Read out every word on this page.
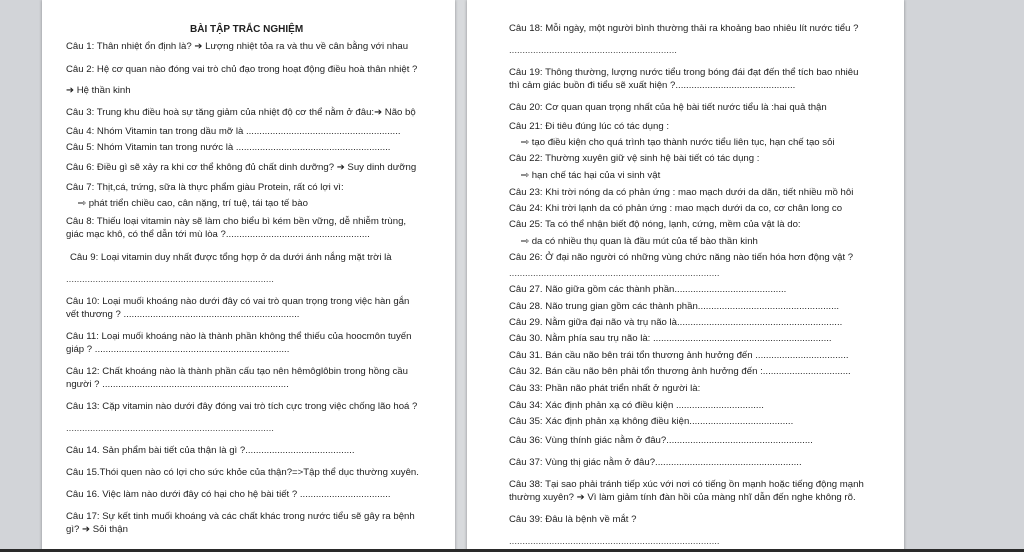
BÀI TẬP TRẮC NGHIỆM
Câu 1: Thân nhiệt ổn định là? ➔ Lượng nhiệt tỏa ra và thu về cân bằng với nhau
Câu 2: Hệ cơ quan nào đóng vai trò chủ đạo trong hoạt động điều hoà thân nhiệt ?
➔ Hệ thần kinh
Câu 3: Trung khu điều hoà sự tăng giảm của nhiệt độ cơ thể nằm ở đâu:➔ Não bộ
Câu 4: Nhóm Vitamin tan trong dầu mỡ là ..........................................................
Câu 5: Nhóm Vitamin tan trong nước là ..........................................................
Câu 6: Điều gì sẽ xảy ra khi cơ thể không đủ chất dinh dưỡng? ➔ Suy dinh dưỡng
Câu 7: Thịt,cá, trứng, sữa là thực phẩm giàu Protein, rất có lợi vì:
⇨ phát triển chiều cao, cân nặng, trí tuệ, tái tạo tế bào
Câu 8: Thiếu loại vitamin này sẽ làm cho biểu bì kém bền vững, dễ nhiễm trùng,
giác mạc khô, có thể dẫn tới mù lòa ?......................................................
Câu 9: Loại vitamin duy nhất được tổng hợp ở da dưới ánh nắng mặt trời là
..............................................................................
Câu 10: Loại muối khoáng nào dưới đây có vai trò quan trọng trong việc hàn gắn
vết thương ? ..................................................................
Câu 11: Loại muối khoáng nào là thành phần không thể thiếu của hoocmôn tuyến
giáp ? .........................................................................
Câu 12: Chất khoáng nào là thành phần cấu tạo nên hêmôglôbin trong hồng cầu
người ? ......................................................................
Câu 13: Cặp vitamin nào dưới đây đóng vai trò tích cực trong việc chống lão hoá ?
..............................................................................
Câu 14. Sản phẩm bài tiết của thận là gì ?.........................................
Câu 15.Thói quen nào có lợi cho sức khỏe của thận?=>Tập thể dục thường xuyên.
Câu 16. Việc làm nào dưới đây có hại cho hệ bài tiết ? ..................................
Câu 17: Sự kết tinh muối khoáng và các chất khác trong nước tiểu sẽ gây ra bệnh
gì? ➔ Sỏi thận
Câu 18: Mỗi ngày, một người bình thường thải ra khoảng bao nhiêu lít nước tiểu ?
...............................................................
Câu 19: Thông thường, lượng nước tiểu trong bóng đái đạt đến thể tích bao nhiêu
thì cảm giác buồn đi tiểu sẽ xuất hiện ?.............................................
Câu 20: Cơ quan quan trọng nhất của hệ bài tiết nước tiểu là :hai quả thận
Câu 21: Đi tiêu đúng lúc có tác dụng :
⇨ tạo điều kiện cho quá trình tạo thành nước tiểu liên tục, hạn chế tạo sỏi
Câu 22: Thường xuyên giữ vệ sinh hệ bài tiết có tác dụng :
⇨ hạn chế tác hại của vi sinh vật
Câu 23: Khi trời nóng da có phản ứng : mao mạch dưới da dãn, tiết nhiều mồ hôi
Câu 24: Khi trời lạnh da có phản ứng : mao mạch dưới da co, cơ chân long co
Câu 25: Ta có thể nhận biết độ nóng, lạnh, cứng, mềm của vật là do:
⇨ da có nhiều thụ quan là đầu mút của tế bào thần kinh
Câu 26: Ở đại não người có những vùng chức năng nào tiến hóa hơn động vật ?
...............................................................................
Câu 27. Não giữa gồm các thành phần..........................................
Câu 28. Não trung gian gồm các thành phần.....................................................
Câu 29. Nằm giữa đại não và trụ não là..............................................................
Câu 30. Nằm phía sau trụ não là: ...................................................................
Câu 31. Bán cầu não bên trái tổn thương ảnh hưởng đến ...................................
Câu 32. Bán cầu não bên phải tổn thương ảnh hưởng đến :.................................
Câu 33: Phần não phát triển nhất ở người là:
Câu 34: Xác định phản xạ có điều kiện .................................
Câu 35: Xác định phản xạ không điều kiện.......................................
Câu 36: Vùng thính giác nằm ở đâu?.......................................................
Câu 37: Vùng thị giác nằm ở đâu?.......................................................
Câu 38: Tại sao phải tránh tiếp xúc với nơi có tiếng ồn mạnh hoặc tiếng động mạnh
thường xuyên? ➔ Vì làm giảm tính đàn hồi của màng nhĩ dẫn đến nghe không rõ.
Câu 39: Đâu là bệnh về mắt ?
...............................................................................
